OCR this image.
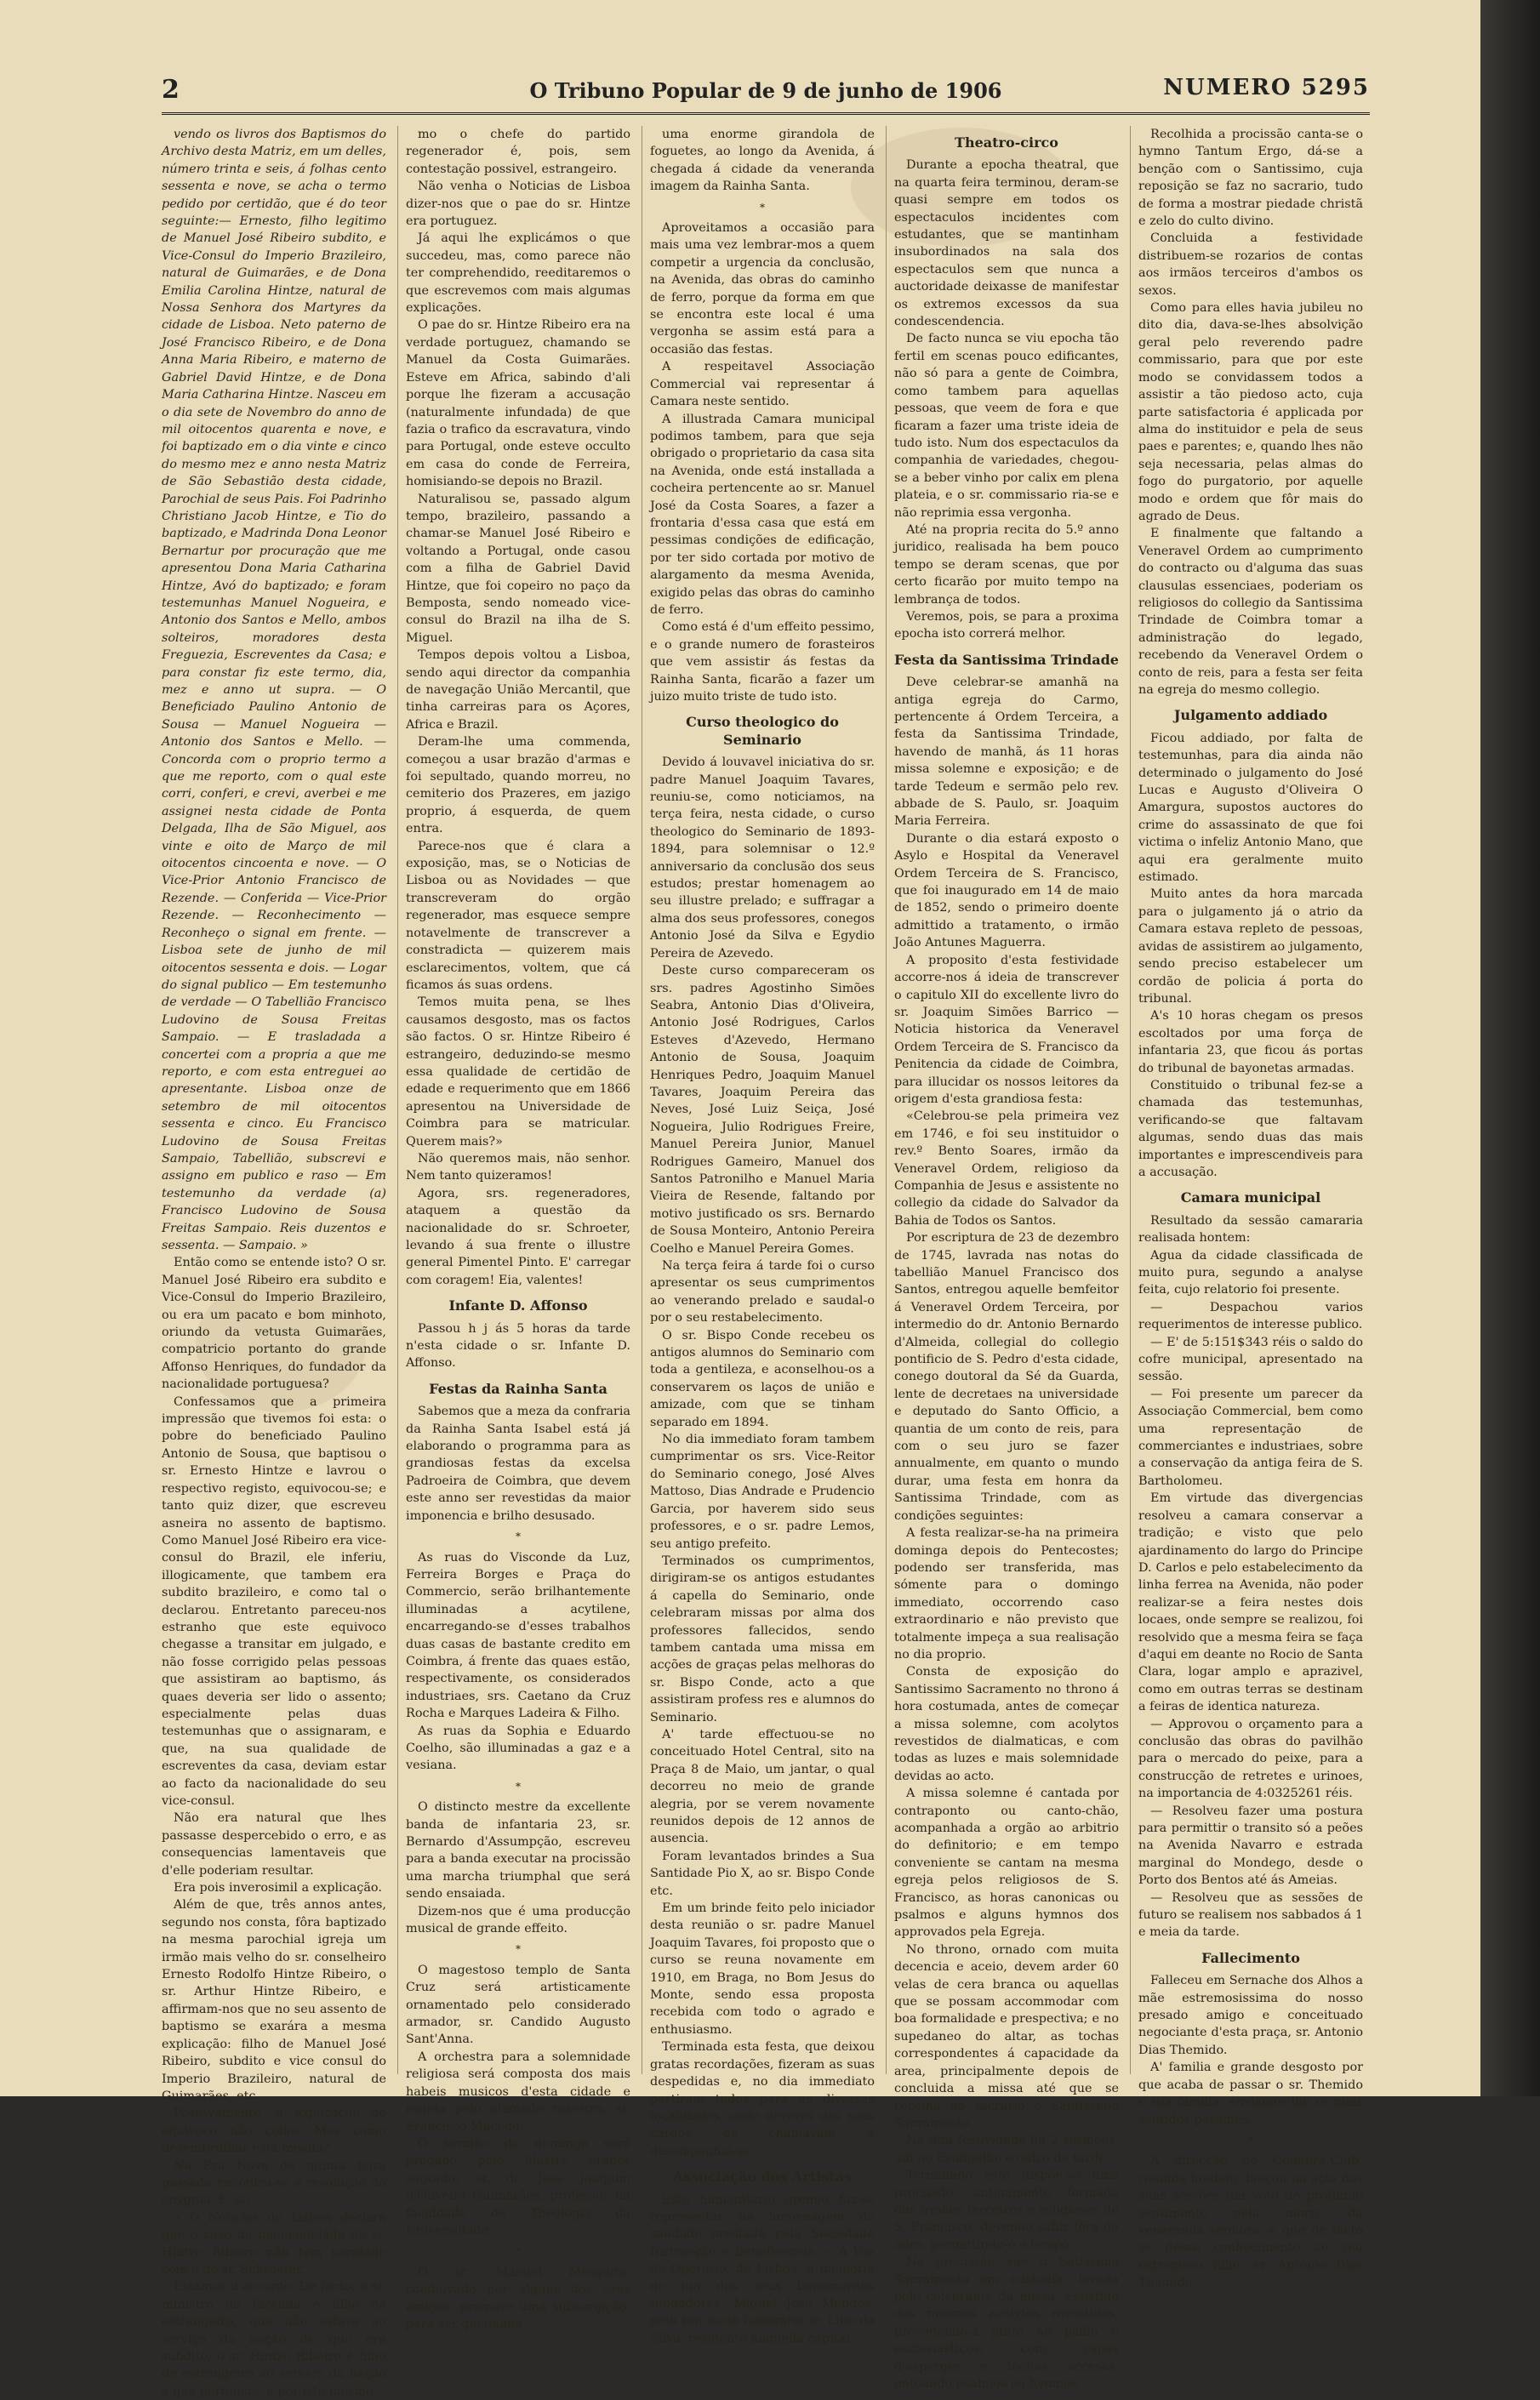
2	O Tribuno Popular de 9 de junho de 1906	NUMERO 5295

vendo os livros dos Baptismos do Archivo desta Matriz, em um delles, número trinta e seis, á folhas cento sessenta e nove, se acha o termo pedido por certidão, que é do teor seguinte:— Ernesto, filho legitimo de Manuel José Ribeiro subdito, e Vice-Consul do Imperio Brazileiro, natural de Guimarães, e de Dona Emilia Carolina Hintze, natural de Nossa Senhora dos Martyres da cidade de Lisboa. Neto paterno de José Francisco Ribeiro, e de Dona Anna Maria Ribeiro, e materno de Gabriel David Hintze, e de Dona Maria Catharina Hintze. Nasceu em o dia sete de Novembro do anno de mil oitocentos quarenta e nove, e foi baptizado em o dia vinte e cinco do mesmo mez e anno nesta Matriz de São Sebastião desta cidade, Parochial de seus Pais. Foi Padrinho Christiano Jacob Hintze, e Tio do baptizado, e Madrinda Dona Leonor Bernartur por procuração que me apresentou Dona Maria Catharina Hintze, Avó do baptizado; e foram testemunhas Manuel Nogueira, e Antonio dos Santos e Mello, ambos solteiros, moradores desta Freguezia, Escreventes da Casa; e para constar fiz este termo, dia, mez e anno ut supra. — O Beneficiado Paulino Antonio de Sousa — Manuel Nogueira — Antonio dos Santos e Mello. — Concorda com o proprio termo a que me reporto, com o qual este corri, conferi, e crevi, averbei e me assignei nesta cidade de Ponta Delgada, Ilha de São Miguel, aos vinte e oito de Março de mil oitocentos cincoenta e nove. — O Vice-Prior Antonio Francisco de Rezende. — Conferida — Vice-Prior Rezende. — Reconhecimento — Reconheço o signal em frente. — Lisboa sete de junho de mil oitocentos sessenta e dois. — Logar do signal publico — Em testemunho de verdade — O Tabellião Francisco Ludovino de Sousa Freitas Sampaio. — E trasladada a concertei com a propria a que me reporto, e com esta entreguei ao apresentante. Lisboa onze de setembro de mil oitocentos sessenta e cinco. Eu Francisco Ludovino de Sousa Freitas Sampaio, Tabellião, subscrevi e assigno em publico e raso — Em testemunho da verdade (a) Francisco Ludovino de Sousa Freitas Sampaio. Reis duzentos e sessenta. — Sampaio. »

Então como se entende isto? O sr. Manuel José Ribeiro era subdito e Vice-Consul do Imperio Brazileiro, ou era um pacato e bom minhoto, oriundo da vetusta Guimarães, compatricio portanto do grande Affonso Henriques, do fundador da nacionalidade portuguesa?

Confessamos que a primeira impressão que tivemos foi esta: o pobre do beneficiado Paulino Antonio de Sousa, que baptisou o sr. Ernesto Hintze e lavrou o respectivo registo, equivocou-se; e tanto quiz dizer, que escreveu asneira no assento de baptismo. Como Manuel José Ribeiro era vice-consul do Brazil, ele inferiu, illogicamente, que tambem era subdito brazileiro, e como tal o declarou. Entretanto pareceu-nos estranho que este equivoco chegasse a transitar em julgado, e não fosse corrigido pelas pessoas que assistiram ao baptismo, ás quaes deveria ser lido o assento; especialmente pelas duas testemunhas que o assignaram, e que, na sua qualidade de escreventes da casa, deviam estar ao facto da nacionalidade do seu vice-consul.

Não era natural que lhes passasse despercebido o erro, e as consequencias lamentaveis que d'elle poderiam resultar.

Era pois inverosimil a explicação.

Além de que, três annos antes, segundo nos consta, fôra baptizado na mesma parochial igreja um irmão mais velho do sr. conselheiro Ernesto Rodolfo Hintze Ribeiro, o sr. Arthur Hintze Ribeiro, e affirmam-nos que no seu assento de baptismo se exarára a mesma explicação: filho de Manuel José Ribeiro, subdito e vice consul do Imperio Brazileiro, natural de Guimarães, etc.

Positivamente, a explicação do equivoco não colhe. Mas como desembrulhar esta meada?

Na Era Nova de quinta feira passada encontra-se a resolução do enygma. E' ia:

« O Noticias de Lisboa declara que o caso da nacionalidade do sr. Hintze Ribeiro não tem paridade com o do sr. Schroeter.

Estamos d'accordo. De facto, o sr. ministro da fazenda é filho de estrangeiro, que não estava ao serviço da nação de que era subdito; o sr. Hintze Ribeiro é filho de estrangeiro ao serviço da nação a que pertencia, e por isto mesmo

mo o chefe do partido regenerador é, pois, sem contestação possivel, estrangeiro.

Não venha o Noticias de Lisboa dizer-nos que o pae do sr. Hintze era portuguez.

Já aqui lhe explicámos o que succedeu, mas, como parece não ter comprehendido, reeditaremos o que escrevemos com mais algumas explicações.

O pae do sr. Hintze Ribeiro era na verdade portuguez, chamando se Manuel da Costa Guimarães. Esteve em Africa, sabindo d'ali porque lhe fizeram a accusação (naturalmente infundada) de que fazia o trafico da escravatura, vindo para Portugal, onde esteve occulto em casa do conde de Ferreira, homisiando-se depois no Brazil.

Naturalisou se, passado algum tempo, brazileiro, passando a chamar-se Manuel José Ribeiro e voltando a Portugal, onde casou com a filha de Gabriel David Hintze, que foi copeiro no paço da Bemposta, sendo nomeado vice-consul do Brazil na ilha de S. Miguel.

Tempos depois voltou a Lisboa, sendo aqui director da companhia de navegação União Mercantil, que tinha carreiras para os Açores, Africa e Brazil.

Deram-lhe uma commenda, começou a usar brazão d'armas e foi sepultado, quando morreu, no cemiterio dos Prazeres, em jazigo proprio, á esquerda, de quem entra.

Parece-nos que é clara a exposição, mas, se o Noticias de Lisboa ou as Novidades — que transcreveram do orgão regenerador, mas esquece sempre notavelmente de transcrever a constradicta — quizerem mais esclarecimentos, voltem, que cá ficamos ás suas ordens.

Temos muita pena, se lhes causamos desgosto, mas os factos são factos. O sr. Hintze Ribeiro é estrangeiro, deduzindo-se mesmo essa qualidade de certidão de edade e requerimento que em 1866 apresentou na Universidade de Coimbra para se matricular. Querem mais?»

Não queremos mais, não senhor. Nem tanto quizeramos!

Agora, srs. regeneradores, ataquem a questão da nacionalidade do sr. Schroeter, levando á sua frente o illustre general Pimentel Pinto. E' carregar com coragem! Eia, valentes!

Infante D. Affonso

Passou h j ás 5 horas da tarde n'esta cidade o sr. Infante D. Affonso.

Festas da Rainha Santa

Sabemos que a meza da confraria da Rainha Santa Isabel está já elaborando o programma para as grandiosas festas da excelsa Padroeira de Coimbra, que devem este anno ser revestidas da maior imponencia e brilho desusado.

*

As ruas do Visconde da Luz, Ferreira Borges e Praça do Commercio, serão brilhantemente illuminadas a acytilene, encarregando-se d'esses trabalhos duas casas de bastante credito em Coimbra, á frente das quaes estão, respectivamente, os considerados industriaes, srs. Caetano da Cruz Rocha e Marques Ladeira & Filho.

As ruas da Sophia e Eduardo Coelho, são illuminadas a gaz e a vesiana.

*

O distincto mestre da excellente banda de infantaria 23, sr. Bernardo d'Assumpção, escreveu para a banda executar na procissão uma marcha triumphal que será sendo ensaiada.

Dizem-nos que é uma producção musical de grande effeito.

*

O magestoso templo de Santa Cruz será artisticamente ornamentado pelo considerado armador, sr. Candido Augusto Sant'Anna.

A orchestra para a solemnidade religiosa será composta dos mais habeis musicos d'esta cidade e regida pelo afamado maestro, sr. Francisco Macedo.

O sermão de domingo será pregado pelo illustre orador sagrado, sr. dr. José Joaquim d'Oliveira Guimarães, professor da faculdade de Theologia da Universidade.

*

O sr. Manuel Mesquita, coadjuvado por alguns dos seus amigos, promove uma subscripção, para ser queimada

uma enorme girandola de foguetes, ao longo da Avenida, á chegada á cidade da veneranda imagem da Rainha Santa.

*

Aproveitamos a occasião para mais uma vez lembrar-mos a quem competir a urgencia da conclusão, na Avenida, das obras do caminho de ferro, porque da forma em que se encontra este local é uma vergonha se assim está para a occasião das festas.

A respeitavel Associação Commercial vai representar á Camara neste sentido.

A illustrada Camara municipal podimos tambem, para que seja obrigado o proprietario da casa sita na Avenida, onde está installada a cocheira pertencente ao sr. Manuel José da Costa Soares, a fazer a frontaria d'essa casa que está em pessimas condições de edificação, por ter sido cortada por motivo de alargamento da mesma Avenida, exigido pelas das obras do caminho de ferro.

Como está é d'um effeito pessimo, e o grande numero de forasteiros que vem assistir ás festas da Rainha Santa, ficarão a fazer um juizo muito triste de tudo isto.

Curso theologico do Seminario

Devido á louvavel iniciativa do sr. padre Manuel Joaquim Tavares, reuniu-se, como noticiamos, na terça feira, nesta cidade, o curso theologico do Seminario de 1893-1894, para solemnisar o 12.º anniversario da conclusão dos seus estudos; prestar homenagem ao seu illustre prelado; e suffragar a alma dos seus professores, conegos Antonio José da Silva e Egydio Pereira de Azevedo.

Deste curso compareceram os srs. padres Agostinho Simões Seabra, Antonio Dias d'Oliveira, Antonio José Rodrigues, Carlos Esteves d'Azevedo, Hermano Antonio de Sousa, Joaquim Henriques Pedro, Joaquim Manuel Tavares, Joaquim Pereira das Neves, José Luiz Seiça, José Nogueira, Julio Rodrigues Freire, Manuel Pereira Junior, Manuel Rodrigues Gameiro, Manuel dos Santos Patronilho e Manuel Maria Vieira de Resende, faltando por motivo justificado os srs. Bernardo de Sousa Monteiro, Antonio Pereira Coelho e Manuel Pereira Gomes.

Na terça feira á tarde foi o curso apresentar os seus cumprimentos ao venerando prelado e saudal-o por o seu restabelecimento.

O sr. Bispo Conde recebeu os antigos alumnos do Seminario com toda a gentileza, e aconselhou-os a conservarem os laços de união e amizade, com que se tinham separado em 1894.

No dia immediato foram tambem cumprimentar os srs. Vice-Reitor do Seminario conego, José Alves Mattoso, Dias Andrade e Prudencio Garcia, por haverem sido seus professores, e o sr. padre Lemos, seu antigo prefeito.

Terminados os cumprimentos, dirigiram-se os antigos estudantes á capella do Seminario, onde celebraram missas por alma dos professores fallecidos, sendo tambem cantada uma missa em acções de graças pelas melhoras do sr. Bispo Conde, acto a que assistiram profess res e alumnos do Seminario.

A' tarde effectuou-se no conceituado Hotel Central, sito na Praça 8 de Maio, um jantar, o qual decorreu no meio de grande alegria, por se verem novamente reunidos depois de 12 annos de ausencia.

Foram levantados brindes a Sua Santidade Pio X, ao sr. Bispo Conde etc.

Em um brinde feito pelo iniciador desta reunião o sr. padre Manuel Joaquim Tavares, foi proposto que o curso se reuna novamente em 1910, em Braga, no Bom Jesus do Monte, sendo essa proposta recebida com todo o agrado e enthusiasmo.

Terminada esta festa, que deixou gratas recordações, fizeram as suas despedidas e, no dia immediato partiram todos para as diversas localidades, onde deveres dos seus cargos os chamavam a desempenhal-as.

Associação dos Artistas

Este humanitario gremio faz-se representar na homenagem de saudade prestada pela Sociedade Instrucção e Beneficencia — A Voz do Operario, de Lisboa, á memoria de um dos seus benemeritos fundadores, Miguel José Mendes, pelo seu socio honorario sr. Lino da Silva, residente naquella capital.

Theatro-circo

Durante a epocha theatral, que na quarta feira terminou, deram-se quasi sempre em todos os espectaculos incidentes com estudantes, que se mantinham insubordinados na sala dos espectaculos sem que nunca a auctoridade deixasse de manifestar os extremos excessos da sua condescendencia.

De facto nunca se viu epocha tão fertil em scenas pouco edificantes, não só para a gente de Coimbra, como tambem para aquellas pessoas, que veem de fora e que ficaram a fazer uma triste ideia de tudo isto. Num dos espectaculos da companhia de variedades, chegou-se a beber vinho por calix em plena plateia, e o sr. commissario ria-se e não reprimia essa vergonha.

Até na propria recita do 5.º anno juridico, realisada ha bem pouco tempo se deram scenas, que por certo ficarão por muito tempo na lembrança de todos.

Veremos, pois, se para a proxima epocha isto correrá melhor.

Festa da Santissima Trindade

Deve celebrar-se amanhã na antiga egreja do Carmo, pertencente á Ordem Terceira, a festa da Santissima Trindade, havendo de manhã, ás 11 horas missa solemne e exposição; e de tarde Tedeum e sermão pelo rev. abbade de S. Paulo, sr. Joaquim Maria Ferreira.

Durante o dia estará exposto o Asylo e Hospital da Veneravel Ordem Terceira de S. Francisco, que foi inaugurado em 14 de maio de 1852, sendo o primeiro doente admittido a tratamento, o irmão João Antunes Maguerra.

A proposito d'esta festividade accorre-nos á ideia de transcrever o capitulo XII do excellente livro do sr. Joaquim Simões Barrico — Noticia historica da Veneravel Ordem Terceira de S. Francisco da Penitencia da cidade de Coimbra, para illucidar os nossos leitores da origem d'esta grandiosa festa:

«Celebrou-se pela primeira vez em 1746, e foi seu instituidor o rev.º Bento Soares, irmão da Veneravel Ordem, religioso da Companhia de Jesus e assistente no collegio da cidade do Salvador da Bahia de Todos os Santos.

Por escriptura de 23 de dezembro de 1745, lavrada nas notas do tabellião Manuel Francisco dos Santos, entregou aquelle bemfeitor á Veneravel Ordem Terceira, por intermedio do dr. Antonio Bernardo d'Almeida, collegial do collegio pontificio de S. Pedro d'esta cidade, conego doutoral da Sé da Guarda, lente de decretaes na universidade e deputado do Santo Officio, a quantia de um conto de reis, para com o seu juro se fazer annualmente, em quanto o mundo durar, uma festa em honra da Santissima Trindade, com as condições seguintes:

A festa realizar-se-ha na primeira dominga depois do Pentecostes; podendo ser transferida, mas sómente para o domingo immediato, occorrendo caso extraordinario e não previsto que totalmente impeça a sua realisação no dia proprio.

Consta de exposição do Santissimo Sacramento no throno á hora costumada, antes de começar a missa solemne, com acolytos revestidos de dialmaticas, e com todas as luzes e mais solemnidade devidas ao acto.

A missa solemne é cantada por contraponto ou canto-chão, acompanhada a orgão ao arbitrio do definitorio; e em tempo conveniente se cantam na mesma egreja pelos religiosos de S. Francisco, as horas canonicas ou psalmos e alguns hymnos dos approvados pela Egreja.

No throno, ornado com muita decencia e aceio, devem arder 60 velas de cera branca ou aquellas que se possam accommodar com boa formalidade e prespectiva; e no supedaneo do altar, as tochas correspondentes á capacidade da area, principalmente depois de concluida a missa até que se recolha ao sacrario o Santissimo Sacramento.

Na dita festividade ha 2 sermões, um ao Evangelho e outro de tarde.

Terminado este dispõe-se uma procissão, antigamente formada dos irmãos terceiros e religiosos de S. Francisco, devendo sahir fóra do adro, permittindo-o o tempo.

Na procissão vae o Satissimo Sacramento em custodia, levada pelo celebrante da missa, assistido dos mesmos acolytos revestidos; precedendo-a junto ao pallio 6 ecclesiasticos, com capas d'asperges e tochas accesas, entoando psalmos ou hymnos.

Recolhida a procissão canta-se o hymno Tantum Ergo, dá-se a benção com o Santissimo, cuja reposição se faz no sacrario, tudo de forma a mostrar piedade christã e zelo do culto divino.

Concluida a festividade distribuem-se rozarios de contas aos irmãos terceiros d'ambos os sexos.

Como para elles havia jubileu no dito dia, dava-se-lhes absolvição geral pelo reverendo padre commissario, para que por este modo se convidassem todos a assistir a tão piedoso acto, cuja parte satisfactoria é applicada por alma do instituidor e pela de seus paes e parentes; e, quando lhes não seja necessaria, pelas almas do fogo do purgatorio, por aquelle modo e ordem que fôr mais do agrado de Deus.

E finalmente que faltando a Veneravel Ordem ao cumprimento do contracto ou d'alguma das suas clausulas essenciaes, poderiam os religiosos do collegio da Santissima Trindade de Coimbra tomar a administração do legado, recebendo da Veneravel Ordem o conto de reis, para a festa ser feita na egreja do mesmo collegio.

Julgamento addiado

Ficou addiado, por falta de testemunhas, para dia ainda não determinado o julgamento do José Lucas e Augusto d'Oliveira O Amargura, supostos auctores do crime do assassinato de que foi victima o infeliz Antonio Mano, que aqui era geralmente muito estimado.

Muito antes da hora marcada para o julgamento já o atrio da Camara estava repleto de pessoas, avidas de assistirem ao julgamento, sendo preciso estabelecer um cordão de policia á porta do tribunal.

A's 10 horas chegam os presos escoltados por uma força de infantaria 23, que ficou ás portas do tribunal de bayonetas armadas.

Constituido o tribunal fez-se a chamada das testemunhas, verificando-se que faltavam algumas, sendo duas das mais importantes e imprescendiveis para a accusação.

Camara municipal

Resultado da sessão camararia realisada hontem:

Agua da cidade classificada de muito pura, segundo a analyse feita, cujo relatorio foi presente.

— Despachou varios requerimentos de interesse publico.

— E' de 5:151$343 réis o saldo do cofre municipal, apresentado na sessão.

— Foi presente um parecer da Associação Commercial, bem como uma representação de commerciantes e industriaes, sobre a conservação da antiga feira de S. Bartholomeu.

Em virtude das divergencias resolveu a camara conservar a tradição; e visto que pelo ajardinamento do largo do Principe D. Carlos e pelo estabelecimento da linha ferrea na Avenida, não poder realizar-se a feira nestes dois locaes, onde sempre se realizou, foi resolvido que a mesma feira se faça d'aqui em deante no Rocio de Santa Clara, logar amplo e aprazivel, como em outras terras se destinam a feiras de identica natureza.

— Approvou o orçamento para a conclusão das obras do pavilhão para o mercado do peixe, para a construcção de retretes e urinoes, na importancia de 4:0325261 réis.

— Resolveu fazer uma postura para permittir o transito só a peões na Avenida Navarro e estrada marginal do Mondego, desde o Porto dos Bentos até ás Ameias.

— Resolveu que as sessões de futuro se realisem nos sabbados á 1 e meia da tarde.

Fallecimento

Falleceu em Sernache dos Alhos a mãe estremosissima do nosso presado amigo e conceituado negociante d'esta praça, sr. Antonio Dias Themido.

A' familia e grande desgosto por que acaba de passar o sr. Themido e sua familia, enviamos-lhe os mais sentidos pezames.

*

A direcção do Coimbra-Club, reunida hontem, lançou na acta das suas sessões um voto de profundo sentimento pela morte da veneranda senhora, e que de facto se desse conhecimento ao seu extremoso filho, sr. Antonio Dias Themido.
